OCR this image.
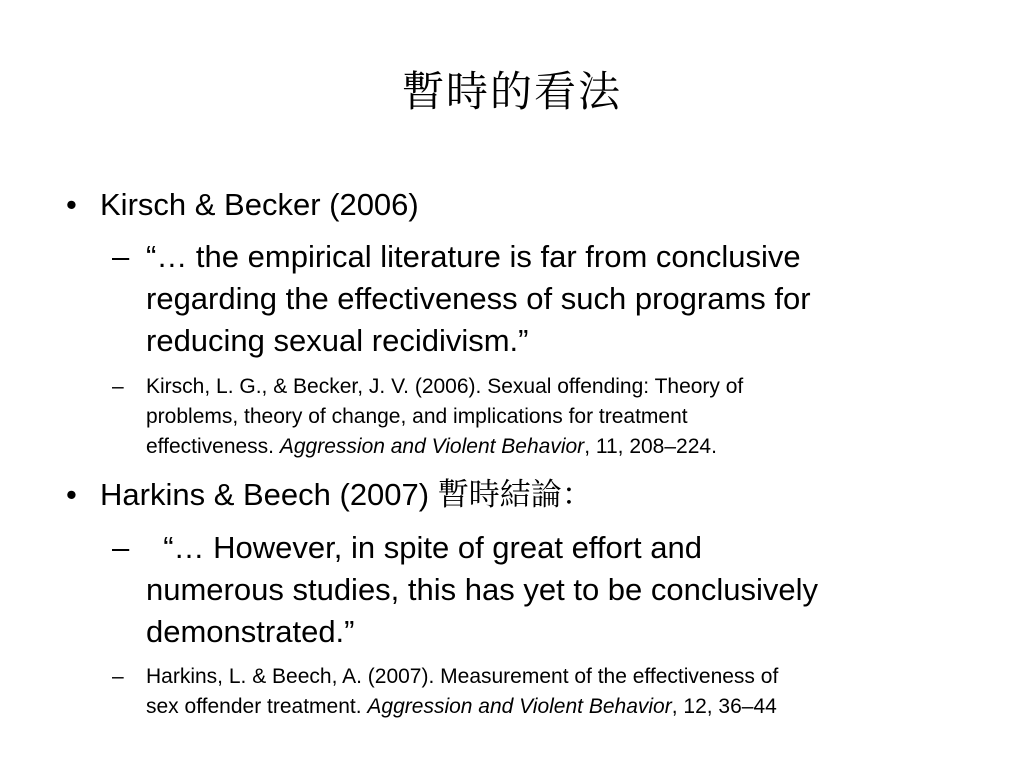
暫時的看法
• Kirsch & Becker (2006)
– “… the empirical literature is far from conclusive
regarding the effectiveness of such programs for
reducing sexual recidivism.”
– Kirsch, L. G., & Becker, J. V. (2006). Sexual offending: Theory of
problems, theory of change, and implications for treatment
effectiveness. Aggression and Violent Behavior, 11, 208–224.
• Harkins & Beech (2007) 暫時結論：
– “… However, in spite of great effort and
numerous studies, this has yet to be conclusively
demonstrated.”
– Harkins, L. & Beech, A. (2007). Measurement of the effectiveness of
sex offender treatment. Aggression and Violent Behavior, 12, 36–44
